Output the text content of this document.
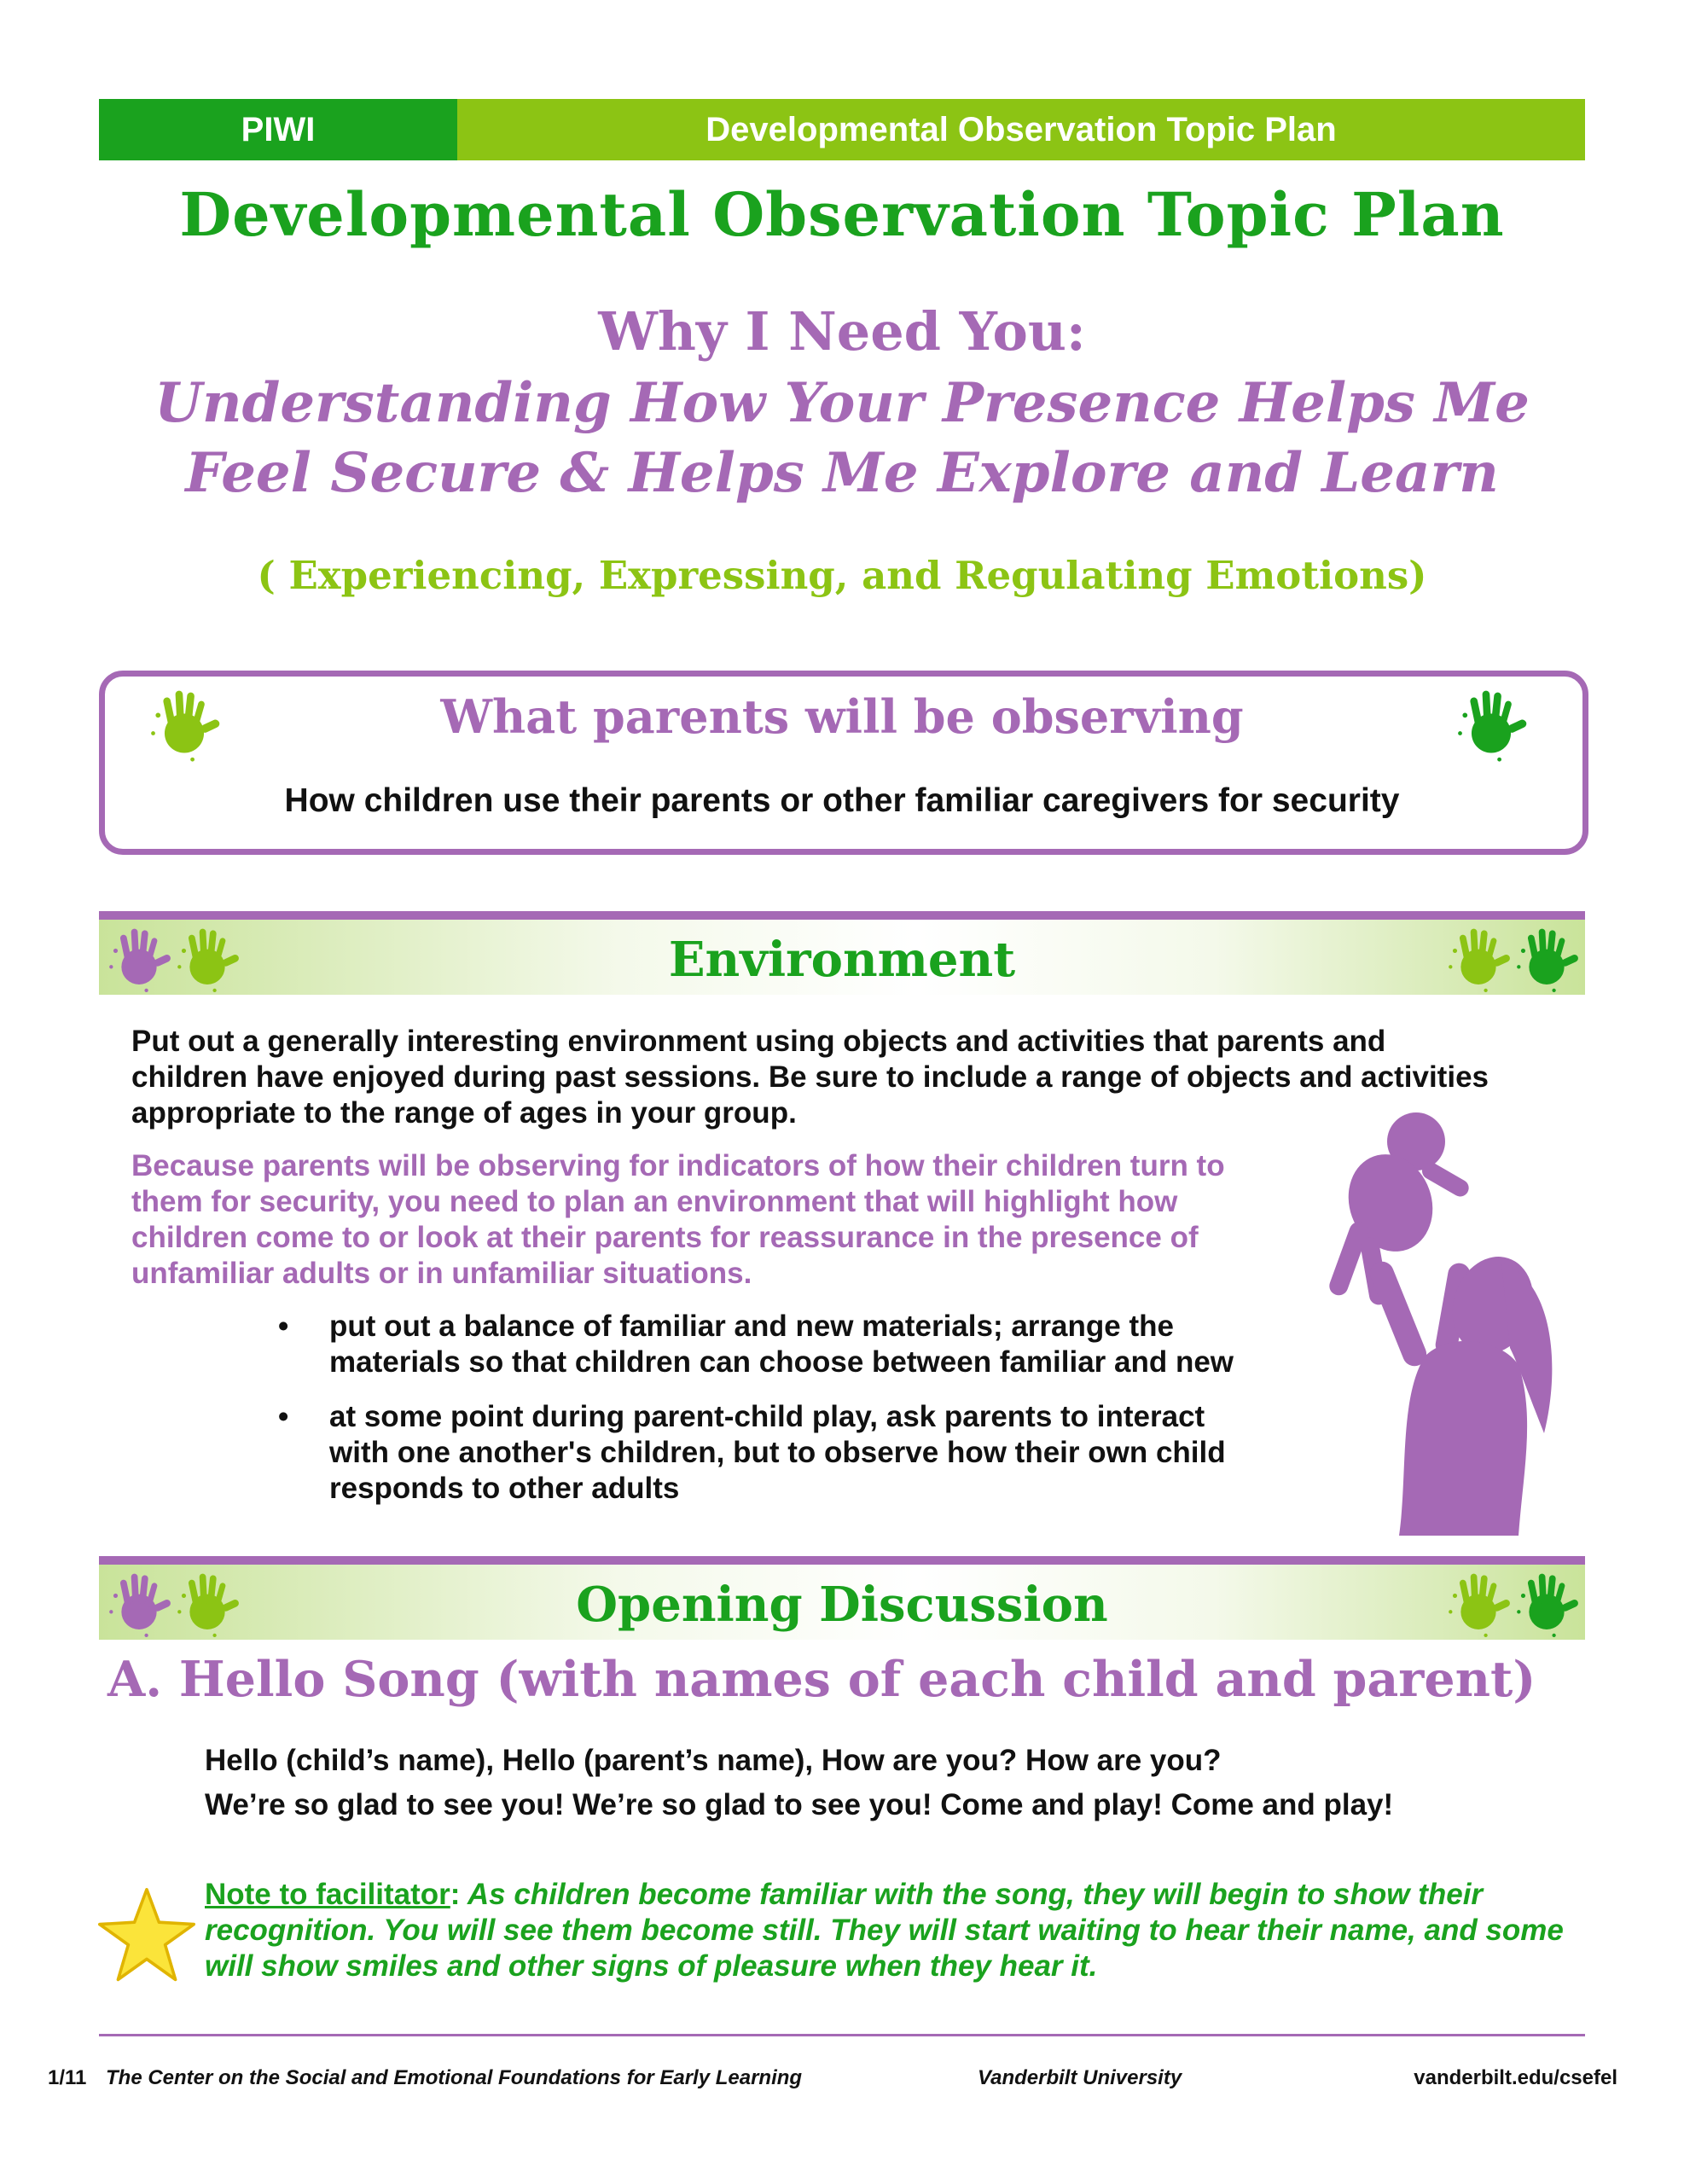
PIWI	Developmental Observation Topic Plan
Developmental Observation Topic Plan
Why I Need You:
Understanding How Your Presence Helps Me
Feel Secure & Helps Me Explore and Learn
( Experiencing, Expressing, and Regulating Emotions)
What parents will be observing
How children use their parents or other familiar caregivers for security
Environment
Put out a generally interesting environment using objects and activities that parents and
children have enjoyed during past sessions. Be sure to include a range of objects and activities
appropriate to the range of ages in your group.
Because parents will be observing for indicators of how their children turn to
them for security, you need to plan an environment that will highlight how
children come to or look at their parents for reassurance in the presence of
unfamiliar adults or in unfamiliar situations.
•	put out a balance of familiar and new materials; arrange the
materials so that children can choose between familiar and new
•	at some point during parent-child play, ask parents to interact
with one another's children, but to observe how their own child
responds to other adults
Opening Discussion
A. Hello Song (with names of each child and parent)
Hello (child’s name), Hello (parent’s name), How are you? How are you?
We’re so glad to see you! We’re so glad to see you! Come and play! Come and play!
Note to facilitator: As children become familiar with the song, they will begin to show their recognition. You will see them become still. They will start waiting to hear their name, and some will show smiles and other signs of pleasure when they hear it.
1/11 The Center on the Social and Emotional Foundations for Early Learning	Vanderbilt University	vanderbilt.edu/csefel
